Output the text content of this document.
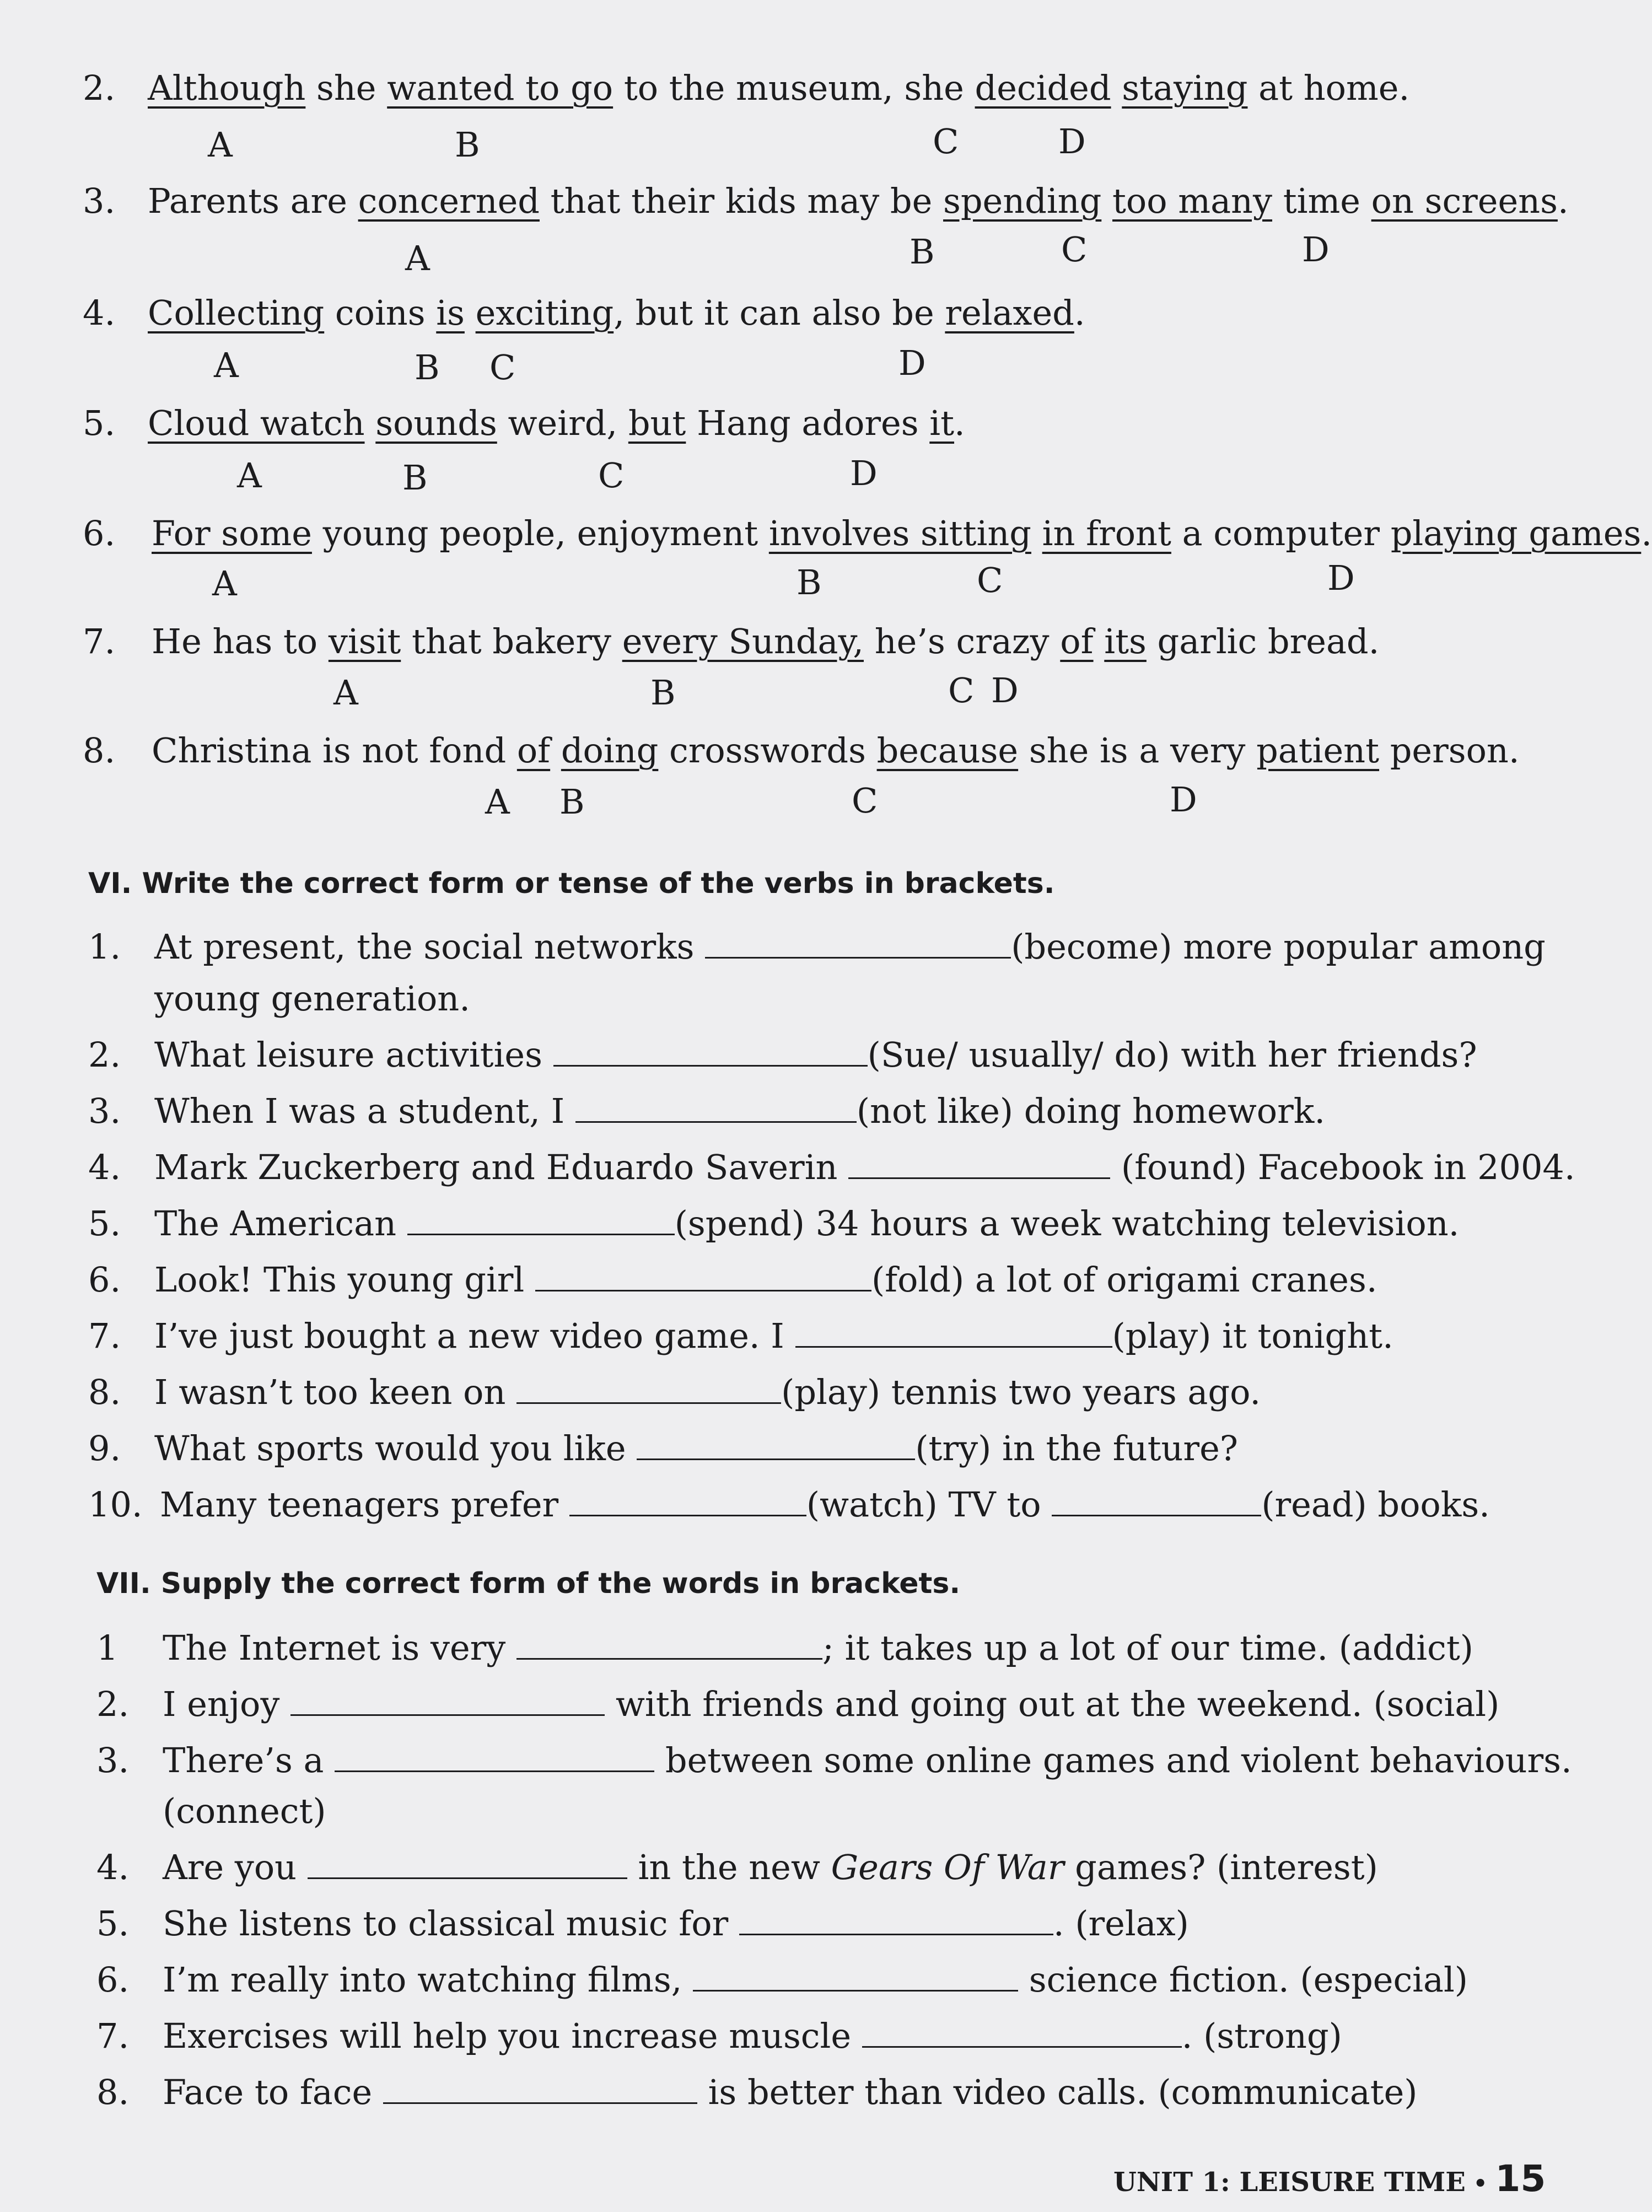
2. Although she wanted to go to the museum, she decided staying at home.
A	B	C	D
3. Parents are concerned that their kids may be spending too many time on screens.
A	B	C	D
4. Collecting coins is exciting, but it can also be relaxed.
A	B C	D
5. Cloud watch sounds weird, but Hang adores it.
A	B	C	D
6. For some young people, enjoyment involves sitting in front a computer playing games.
A	B	C	D
7. He has to visit that bakery every Sunday, he’s crazy of its garlic bread.
A	B	C D
8. Christina is not fond of doing crosswords because she is a very patient person.
A B	C	D
VI. Write the correct form or tense of the verbs in brackets.
1. At present, the social networks	(become) more popular among
young generation.
2. What leisure activities	(Sue/ usually/ do) with her friends?
3. When I was a student, I	(not like) doing homework.
4. Mark Zuckerberg and Eduardo Saverin	(found) Facebook in 2004.
5. The American	(spend) 34 hours a week watching television.
6. Look! This young girl	(fold) a lot of origami cranes.
7. I’ve just bought a new video game. I	(play) it tonight.
8. I wasn’t too keen on	(play) tennis two years ago.
9. What sports would you like	(try) in the future?
10. Many teenagers prefer	(watch) TV to	(read) books.
VII. Supply the correct form of the words in brackets.
1 The Internet is very	; it takes up a lot of our time. (addict)
2. I enjoy	with friends and going out at the weekend. (social)
3. There’s a	between some online games and violent behaviours.
(connect)
4. Are you	in the new Gears Of War games? (interest)
5. She listens to classical music for	. (relax)
6. I’m really into watching films,	science fiction. (especial)
7. Exercises will help you increase muscle	. (strong)
8. Face to face	is better than video calls. (communicate)
UNIT 1: LEISURE TIME • 15
